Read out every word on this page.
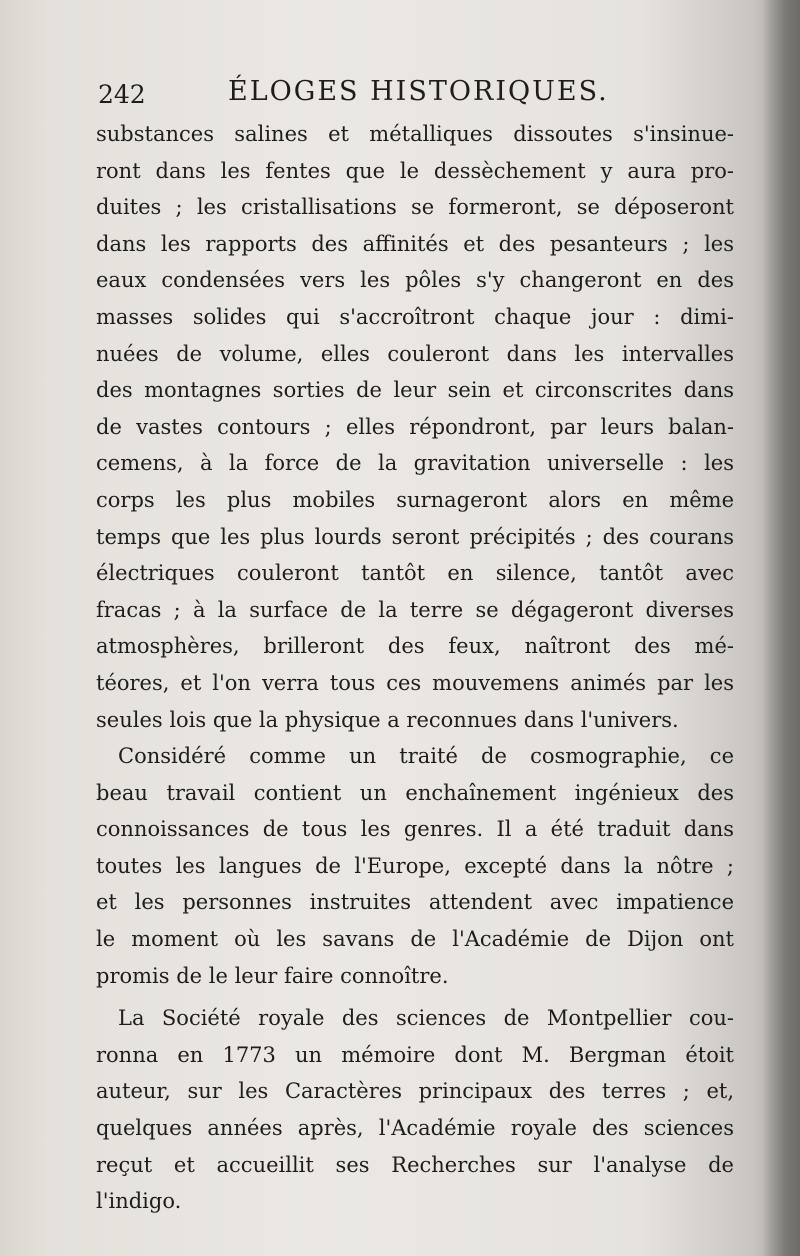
242	ÉLOGES HISTORIQUES.
substances salines et métalliques dissoutes s'insinue-
ront dans les fentes que le dessèchement y aura pro-
duites ; les cristallisations se formeront, se déposeront
dans les rapports des affinités et des pesanteurs ; les
eaux condensées vers les pôles s'y changeront en des
masses solides qui s'accroîtront chaque jour : dimi-
nuées de volume, elles couleront dans les intervalles
des montagnes sorties de leur sein et circonscrites dans
de vastes contours ; elles répondront, par leurs balan-
cemens, à la force de la gravitation universelle : les
corps les plus mobiles surnageront alors en même
temps que les plus lourds seront précipités ; des courans
électriques couleront tantôt en silence, tantôt avec
fracas ; à la surface de la terre se dégageront diverses
atmosphères, brilleront des feux, naîtront des mé-
téores, et l'on verra tous ces mouvemens animés par les
seules lois que la physique a reconnues dans l'univers.
Considéré comme un traité de cosmographie, ce
beau travail contient un enchaînement ingénieux des
connoissances de tous les genres. Il a été traduit dans
toutes les langues de l'Europe, excepté dans la nôtre ;
et les personnes instruites attendent avec impatience
le moment où les savans de l'Académie de Dijon ont
promis de le leur faire connoître.
La Société royale des sciences de Montpellier cou-
ronna en 1773 un mémoire dont M. Bergman étoit
auteur, sur les Caractères principaux des terres ; et,
quelques années après, l'Académie royale des sciences
reçut et accueillit ses Recherches sur l'analyse de
l'indigo.
